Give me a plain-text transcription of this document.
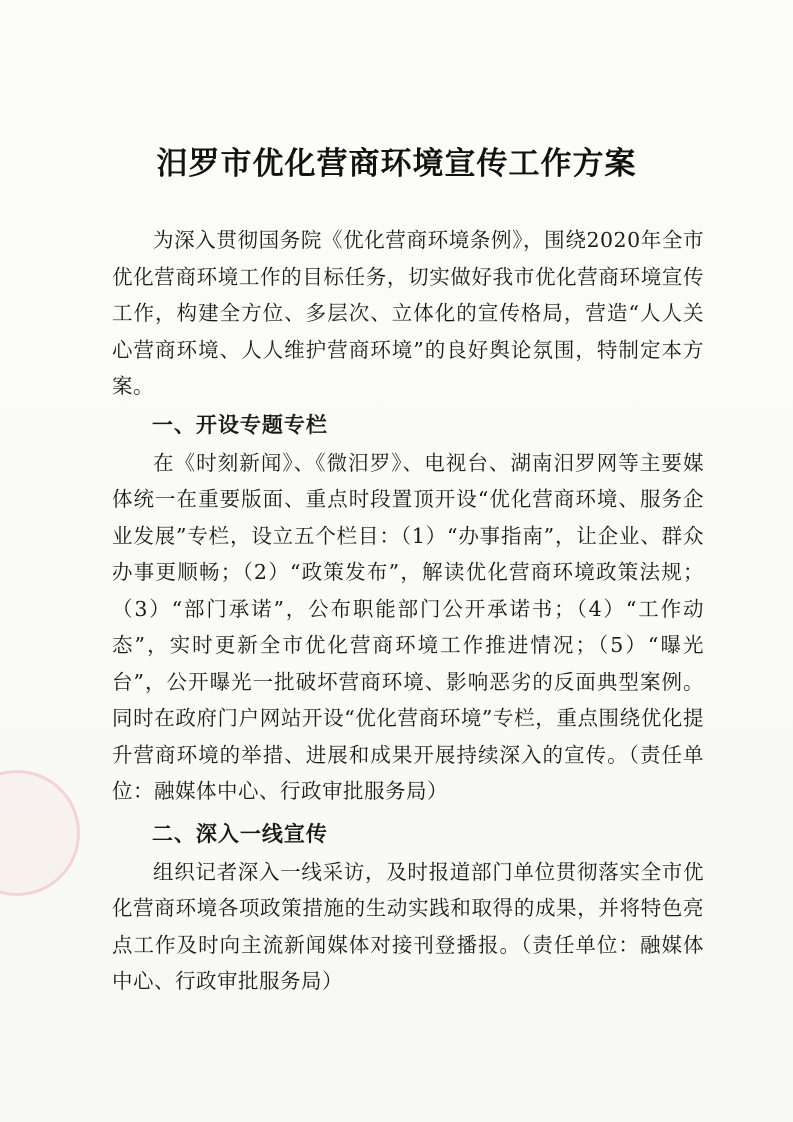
汨罗市优化营商环境宣传工作方案

为深入贯彻国务院《优化营商环境条例》，围绕2020年全市优化营商环境工作的目标任务，切实做好我市优化营商环境宣传工作，构建全方位、多层次、立体化的宣传格局，营造“人人关心营商环境、人人维护营商环境”的良好舆论氛围，特制定本方案。

一、开设专题专栏

在《时刻新闻》、《微汨罗》、电视台、湖南汨罗网等主要媒体统一在重要版面、重点时段置顶开设“优化营商环境、服务企业发展”专栏，设立五个栏目：（1）“办事指南”，让企业、群众办事更顺畅；（2）“政策发布”，解读优化营商环境政策法规；（3）“部门承诺”，公布职能部门公开承诺书；（4）“工作动态”，实时更新全市优化营商环境工作推进情况；（5）“曝光台”，公开曝光一批破坏营商环境、影响恶劣的反面典型案例。同时在政府门户网站开设“优化营商环境”专栏，重点围绕优化提升营商环境的举措、进展和成果开展持续深入的宣传。（责任单位：融媒体中心、行政审批服务局）

二、深入一线宣传

组织记者深入一线采访，及时报道部门单位贯彻落实全市优化营商环境各项政策措施的生动实践和取得的成果，并将特色亮点工作及时向主流新闻媒体对接刊登播报。（责任单位：融媒体中心、行政审批服务局）
